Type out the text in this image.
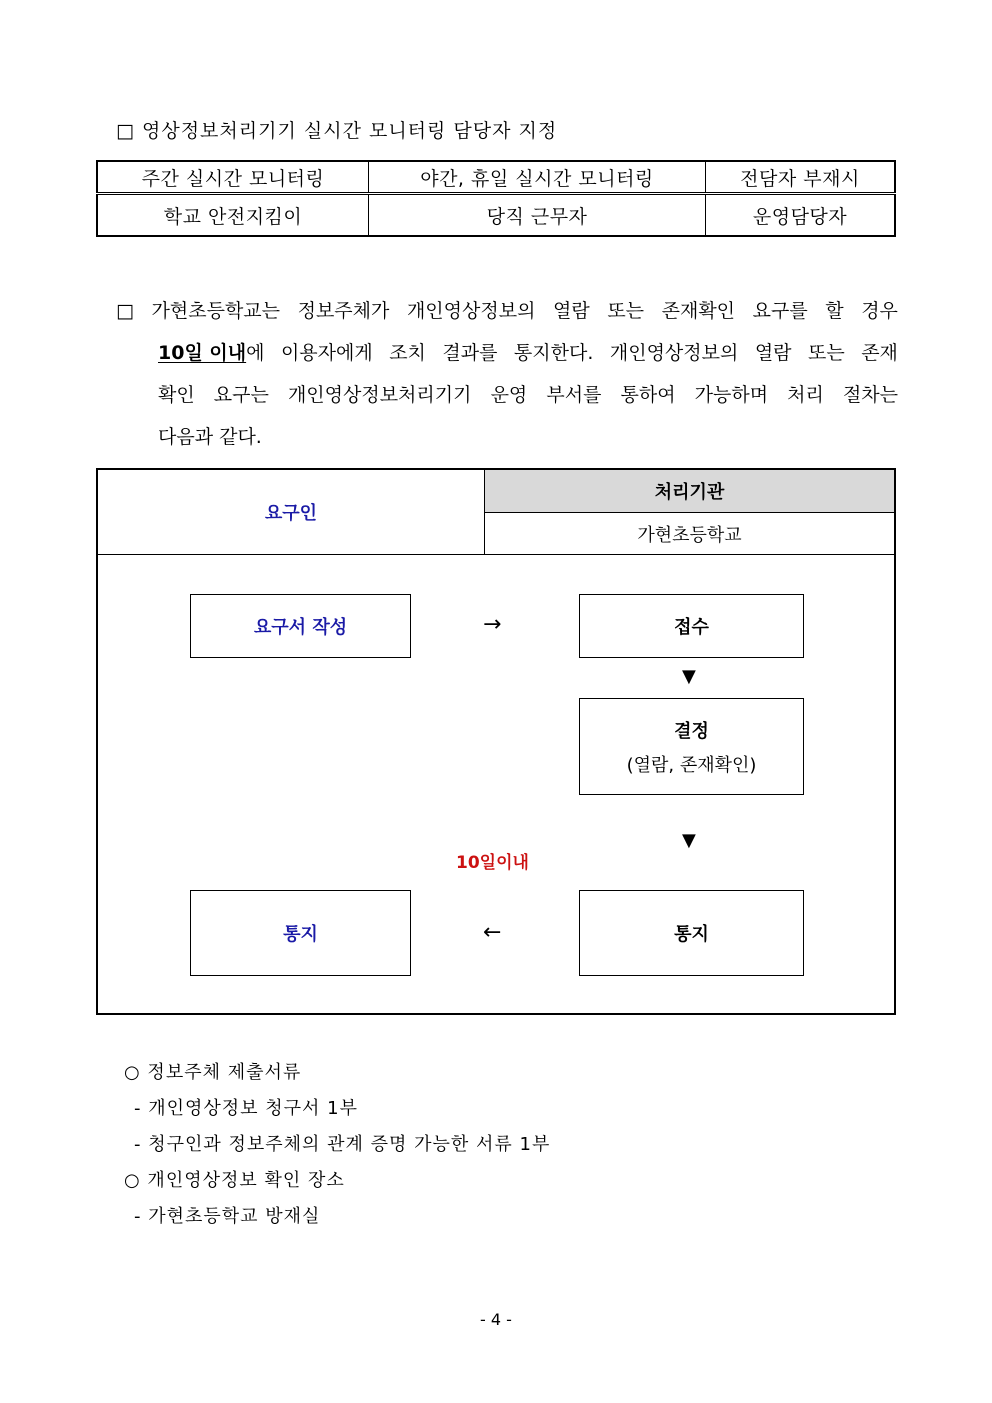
□ 영상정보처리기기 실시간 모니터링 담당자 지정
주간 실시간 모니터링	야간, 휴일 실시간 모니터링	전담자 부재시
학교 안전지킴이	당직 근무자	운영담당자
□ 가현초등학교는 정보주체가 개인영상정보의 열람 또는 존재확인 요구를 할 경우
10일 이내에 이용자에게 조치 결과를 통지한다. 개인영상정보의 열람 또는 존재
확인 요구는 개인영상정보처리기기 운영 부서를 통하여 가능하며 처리 절차는
다음과 같다.
요구인
처리기관
가현초등학교
요구서 작성	→	접수
▼
결정
(열람, 존재확인)
▼
10일이내
통지	←	통지
○ 정보주체 제출서류
- 개인영상정보 청구서 1부
- 청구인과 정보주체의 관계 증명 가능한 서류 1부
○ 개인영상정보 확인 장소
- 가현초등학교 방재실
- 4 -
